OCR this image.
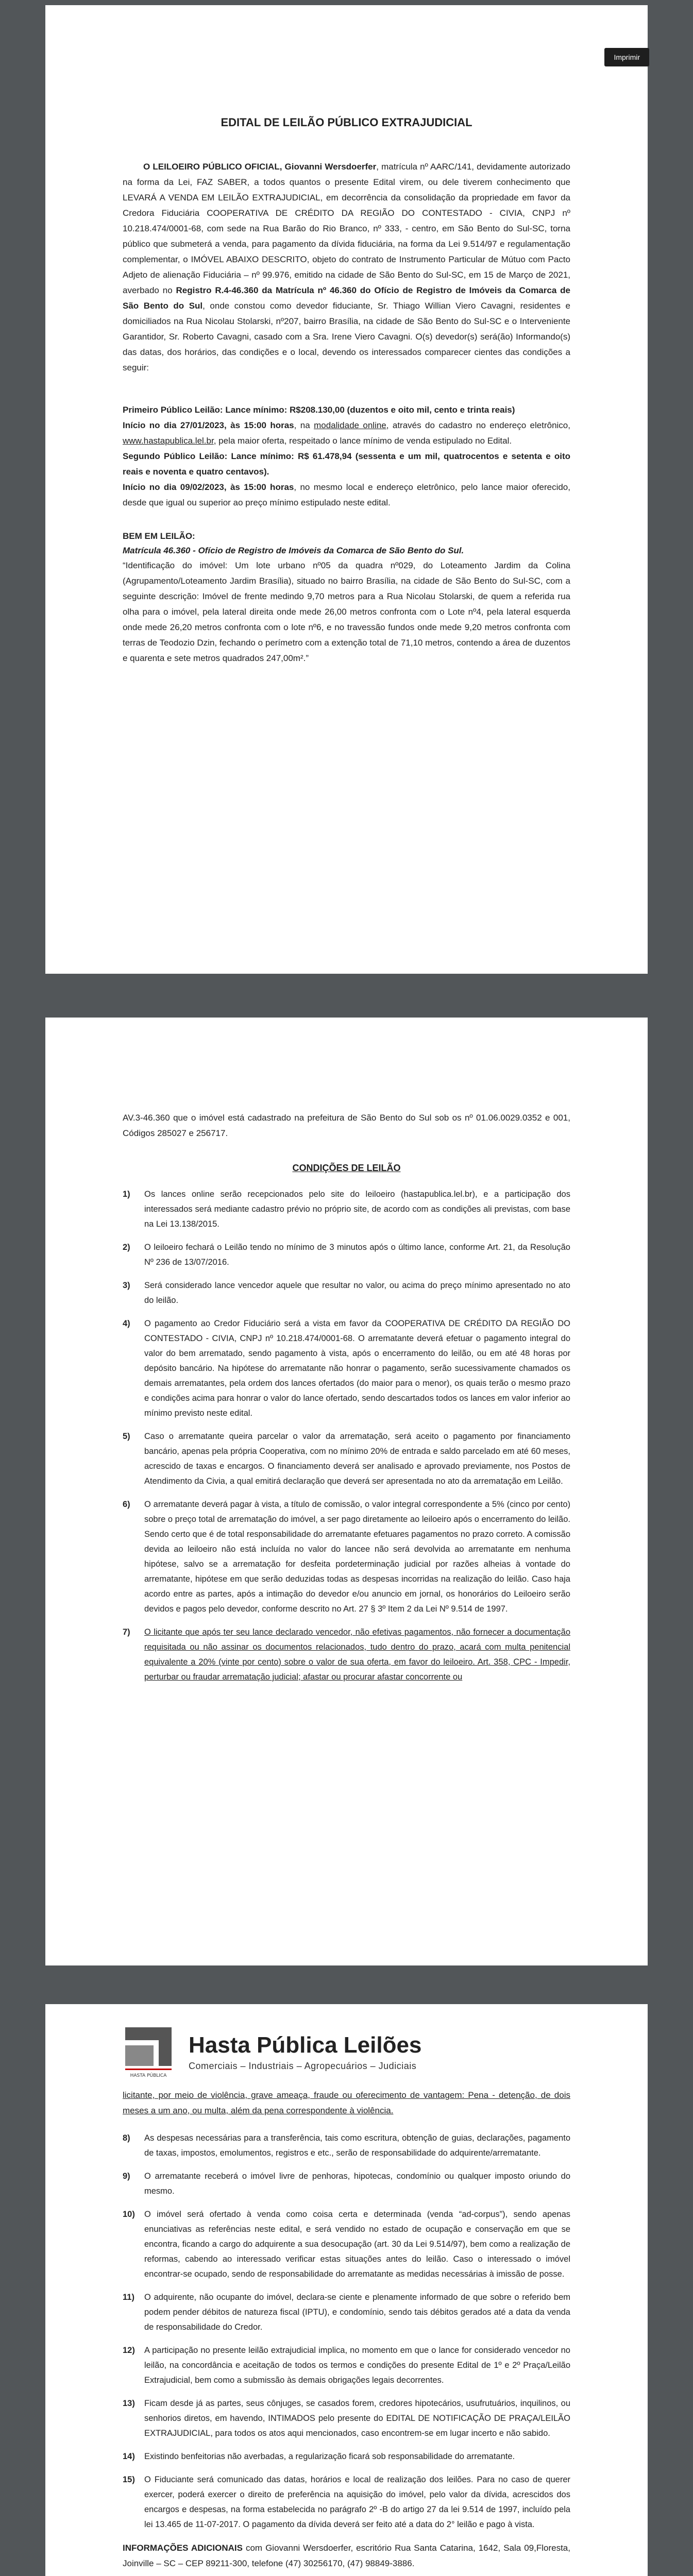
Imprimir
EDITAL DE LEILÃO PÚBLICO EXTRAJUDICIAL

O LEILOEIRO PÚBLICO OFICIAL, Giovanni Wersdoerfer, matrícula nº AARC/141, devidamente autorizado na forma da Lei, FAZ SABER, a todos quantos o presente Edital virem, ou dele tiverem conhecimento que LEVARÁ A VENDA EM LEILÃO EXTRAJUDICIAL, em decorrência da consolidação da propriedade em favor da Credora Fiduciária COOPERATIVA DE CRÉDITO DA REGIÃO DO CONTESTADO - CIVIA, CNPJ nº 10.218.474/0001-68, com sede na Rua Barão do Rio Branco, nº 333, - centro, em São Bento do Sul-SC, torna público que submeterá a venda, para pagamento da dívida fiduciária, na forma da Lei 9.514/97 e regulamentação complementar, o IMÓVEL ABAIXO DESCRITO, objeto do contrato de Instrumento Particular de Mútuo com Pacto Adjeto de alienação Fiduciária – nº 99.976, emitido na cidade de São Bento do Sul-SC, em 15 de Março de 2021, averbado no Registro R.4-46.360 da Matrícula nº 46.360 do Ofício de Registro de Imóveis da Comarca de São Bento do Sul, onde constou como devedor fiduciante, Sr. Thiago Willian Viero Cavagni, residentes e domiciliados na Rua Nicolau Stolarski, nº207, bairro Brasília, na cidade de São Bento do Sul-SC e o Interveniente Garantidor, Sr. Roberto Cavagni, casado com a Sra. Irene Viero Cavagni. O(s) devedor(s) será(ão) Informando(s) das datas, dos horários, das condições e o local, devendo os interessados comparecer cientes das condições a seguir:

Primeiro Público Leilão: Lance mínimo: R$208.130,00 (duzentos e oito mil, cento e trinta reais)
Início no dia 27/01/2023, às 15:00 horas, na modalidade online, através do cadastro no endereço eletrônico, www.hastapublica.lel.br, pela maior oferta, respeitado o lance mínimo de venda estipulado no Edital.
Segundo Público Leilão: Lance mínimo: R$ 61.478,94 (sessenta e um mil, quatrocentos e setenta e oito reais e noventa e quatro centavos).
Início no dia 09/02/2023, às 15:00 horas, no mesmo local e endereço eletrônico, pelo lance maior oferecido, desde que igual ou superior ao preço mínimo estipulado neste edital.

BEM EM LEILÃO:
Matrícula 46.360 - Ofício de Registro de Imóveis da Comarca de São Bento do Sul.

“Identificação do imóvel: Um lote urbano nº05 da quadra nº029, do Loteamento Jardim da Colina (Agrupamento/Loteamento Jardim Brasília), situado no bairro Brasília, na cidade de São Bento do Sul-SC, com a seguinte descrição: Imóvel de frente medindo 9,70 metros para a Rua Nicolau Stolarski, de quem a referida rua olha para o imóvel, pela lateral direita onde mede 26,00 metros confronta com o Lote nº4, pela lateral esquerda onde mede 26,20 metros confronta com o lote nº6, e no travessão fundos onde mede 9,20 metros confronta com terras de Teodozio Dzin, fechando o perímetro com a extenção total de 71,10 metros, contendo a área de duzentos e quarenta e sete metros quadrados 247,00m².”

AV.3-46.360 que o imóvel está cadastrado na prefeitura de São Bento do Sul sob os nº 01.06.0029.0352 e 001, Códigos 285027 e 256717.

CONDIÇÕES DE LEILÃO
1) Os lances online serão recepcionados pelo site do leiloeiro (hastapublica.lel.br), e a participação dos interessados será mediante cadastro prévio no próprio site, de acordo com as condições ali previstas, com base na Lei 13.138/2015.
2) O leiloeiro fechará o Leilão tendo no mínimo de 3 minutos após o último lance, conforme Art. 21, da Resolução Nº 236 de 13/07/2016.
3) Será considerado lance vencedor aquele que resultar no valor, ou acima do preço mínimo apresentado no ato do leilão.
4) O pagamento ao Credor Fiduciário será a vista em favor da COOPERATIVA DE CRÉDITO DA REGIÃO DO CONTESTADO - CIVIA, CNPJ nº 10.218.474/0001-68. O arrematante deverá efetuar o pagamento integral do valor do bem arrematado, sendo pagamento à vista, após o encerramento do leilão, ou em até 48 horas por depósito bancário. Na hipótese do arrematante não honrar o pagamento, serão sucessivamente chamados os demais arrematantes, pela ordem dos lances ofertados (do maior para o menor), os quais terão o mesmo prazo e condições acima para honrar o valor do lance ofertado, sendo descartados todos os lances em valor inferior ao mínimo previsto neste edital.
5) Caso o arrematante queira parcelar o valor da arrematação, será aceito o pagamento por financiamento bancário, apenas pela própria Cooperativa, com no mínimo 20% de entrada e saldo parcelado em até 60 meses, acrescido de taxas e encargos. O financiamento deverá ser analisado e aprovado previamente, nos Postos de Atendimento da Civia, a qual emitirá declaração que deverá ser apresentada no ato da arrematação em Leilão.
6) O arrematante deverá pagar à vista, a título de comissão, o valor integral correspondente a 5% (cinco por cento) sobre o preço total de arrematação do imóvel, a ser pago diretamente ao leiloeiro após o encerramento do leilão. Sendo certo que é de total responsabilidade do arrematante efetuares pagamentos no prazo correto. A comissão devida ao leiloeiro não está incluída no valor do lancee não será devolvida ao arrematante em nenhuma hipótese, salvo se a arrematação for desfeita pordeterminação judicial por razões alheias à vontade do arrematante, hipótese em que serão deduzidas todas as despesas incorridas na realização do leilão. Caso haja acordo entre as partes, após a intimação do devedor e/ou anuncio em jornal, os honorários do Leiloeiro serão devidos e pagos pelo devedor, conforme descrito no Art. 27 § 3º Item 2 da Lei Nº 9.514 de 1997.
7) O licitante que após ter seu lance declarado vencedor, não efetivas pagamentos, não fornecer a documentação requisitada ou não assinar os documentos relacionados, tudo dentro do prazo, acará com multa penitencial equivalente a 20% (vinte por cento) sobre o valor de sua oferta, em favor do leiloeiro. Art. 358, CPC - Impedir, perturbar ou fraudar arrematação judicial; afastar ou procurar afastar concorrente ou
HASTA PÚBLICA
Hasta Pública Leilões
Comerciais – Industriais – Agropecuários – Judiciais

licitante, por meio de violência, grave ameaça, fraude ou oferecimento de vantagem: Pena - detenção, de dois meses a um ano, ou multa, além da pena correspondente à violência.

8) As despesas necessárias para a transferência, tais como escritura, obtenção de guias, declarações, pagamento de taxas, impostos, emolumentos, registros e etc., serão de responsabilidade do adquirente/arrematante.
9) O arrematante receberá o imóvel livre de penhoras, hipotecas, condomínio ou qualquer imposto oriundo do mesmo.
10) O imóvel será ofertado à venda como coisa certa e determinada (venda “ad-corpus”), sendo apenas enunciativas as referências neste edital, e será vendido no estado de ocupação e conservação em que se encontra, ficando a cargo do adquirente a sua desocupação (art. 30 da Lei 9.514/97), bem como a realização de reformas, cabendo ao interessado verificar estas situações antes do leilão. Caso o interessado o imóvel encontrar-se ocupado, sendo de responsabilidade do arrematante as medidas necessárias à imissão de posse.
11) O adquirente, não ocupante do imóvel, declara-se ciente e plenamente informado de que sobre o referido bem podem pender débitos de natureza fiscal (IPTU), e condomínio, sendo tais débitos gerados até a data da venda de responsabilidade do Credor.
12) A participação no presente leilão extrajudicial implica, no momento em que o lance for considerado vencedor no leilão, na concordância e aceitação de todos os termos e condições do presente Edital de 1º e 2º Praça/Leilão Extrajudicial, bem como a submissão às demais obrigações legais decorrentes.
13) Ficam desde já as partes, seus cônjuges, se casados forem, credores hipotecários, usufrutuários, inquilinos, ou senhorios diretos, em havendo, INTIMADOS pelo presente do EDITAL DE NOTIFICAÇÃO DE PRAÇA/LEILÃO EXTRAJUDICIAL, para todos os atos aqui mencionados, caso encontrem-se em lugar incerto e não sabido.
14) Existindo benfeitorias não averbadas, a regularização ficará sob responsabilidade do arrematante.
15) O Fiduciante será comunicado das datas, horários e local de realização dos leilões. Para no caso de querer exercer, poderá exercer o direito de preferência na aquisição do imóvel, pelo valor da dívida, acrescidos dos encargos e despesas, na forma estabelecida no parágrafo 2º -B do artigo 27 da lei 9.514 de 1997, incluído pela lei 13.465 de 11-07-2017. O pagamento da dívida deverá ser feito até a data do 2° leilão e pago à vista.

INFORMAÇÕES ADICIONAIS com Giovanni Wersdoerfer, escritório Rua Santa Catarina, 1642, Sala 09,Floresta, Joinville – SC – CEP 89211-300, telefone (47) 30256170, (47) 98849-3886.
